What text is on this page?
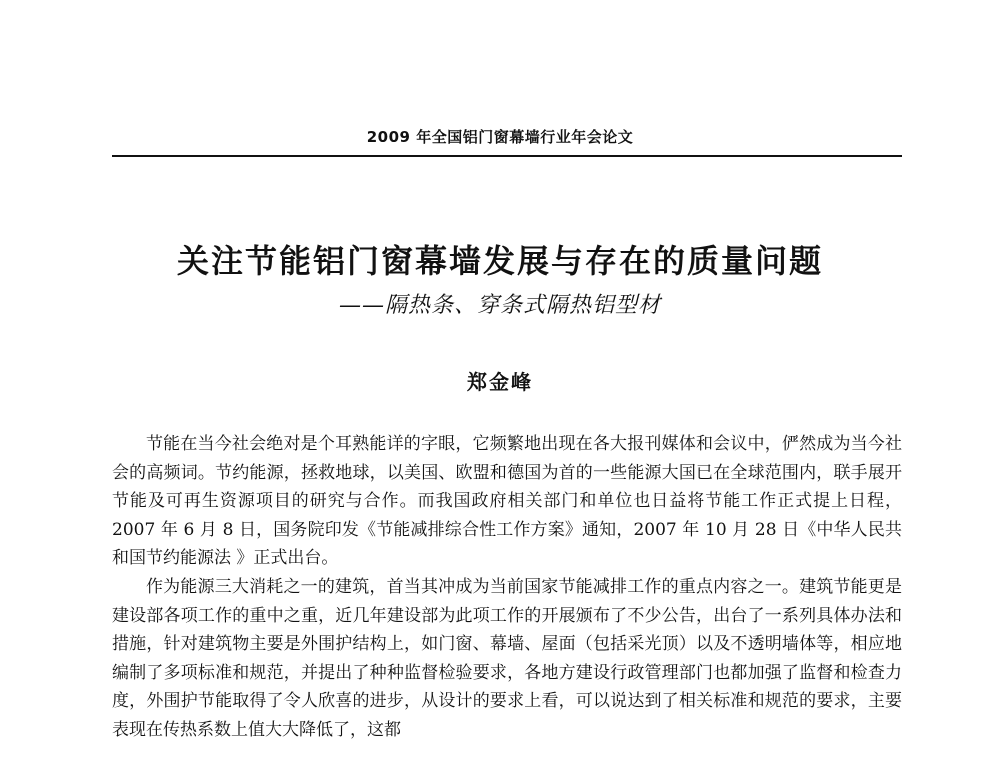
2009 年全国铝门窗幕墙行业年会论文
关注节能铝门窗幕墙发展与存在的质量问题
——隔热条、穿条式隔热铝型材
郑金峰

节能在当今社会绝对是个耳熟能详的字眼，它频繁地出现在各大报刊媒体和会议中，俨然成为当今社会的高频词。节约能源，拯救地球，以美国、欧盟和德国为首的一些能源大国已在全球范围内，联手展开节能及可再生资源项目的研究与合作。而我国政府相关部门和单位也日益将节能工作正式提上日程，2007 年 6 月 8 日，国务院印发《节能减排综合性工作方案》通知，2007 年 10 月 28 日《中华人民共和国节约能源法 》正式出台。

作为能源三大消耗之一的建筑，首当其冲成为当前国家节能减排工作的重点内容之一。建筑节能更是建设部各项工作的重中之重，近几年建设部为此项工作的开展颁布了不少公告，出台了一系列具体办法和措施，针对建筑物主要是外围护结构上，如门窗、幕墙、屋面（包括采光顶）以及不透明墙体等，相应地编制了多项标准和规范，并提出了种种监督检验要求，各地方建设行政管理部门也都加强了监督和检查力度，外围护节能取得了令人欣喜的进步，从设计的要求上看，可以说达到了相关标准和规范的要求，主要表现在传热系数上值大大降低了，这都
